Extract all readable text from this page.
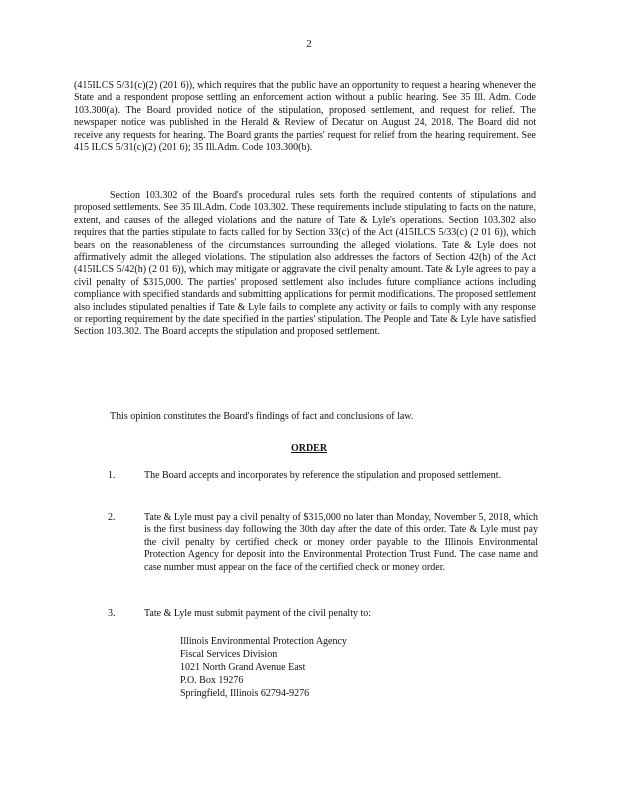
2

(415ILCS 5/31(c)(2) (201 6)), which requires that the public have an opportunity to request a hearing whenever the State and a respondent propose settling an enforcement action without a public hearing. See 35 Ill. Adm. Code 103.300(a). The Board provided notice of the stipulation, proposed settlement, and request for relief. The newspaper notice was published in the Herald & Review of Decatur on August 24, 2018. The Board did not receive any requests for hearing. The Board grants the parties' request for relief from the hearing requirement. See 415 ILCS 5/31(c)(2) (201 6); 35 Ill.Adm. Code 103.300(b).

Section 103.302 of the Board's procedural rules sets forth the required contents of stipulations and proposed settlements. See 35 Ill.Adm. Code 103.302. These requirements include stipulating to facts on the nature, extent, and causes of the alleged violations and the nature of Tate & Lyle's operations. Section 103.302 also requires that the parties stipulate to facts called for by Section 33(c) of the Act (415ILCS 5/33(c) (2 01 6)), which bears on the reasonableness of the circumstances surrounding the alleged violations. Tate & Lyle does not affirmatively admit the alleged violations. The stipulation also addresses the factors of Section 42(h) of the Act (415ILCS 5/42(h) (2 01 6)), which may mitigate or aggravate the civil penalty amount. Tate & Lyle agrees to pay a civil penalty of $315,000. The parties' proposed settlement also includes future compliance actions including compliance with specified standards and submitting applications for permit modifications. The proposed settlement also includes stipulated penalties if Tate & Lyle fails to complete any activity or fails to comply with any response or reporting requirement by the date specified in the parties' stipulation. The People and Tate & Lyle have satisfied Section 103.302. The Board accepts the stipulation and proposed settlement.

This opinion constitutes the Board's findings of fact and conclusions of law.

ORDER
1.	The Board accepts and incorporates by reference the stipulation and proposed settlement.
2.	Tate & Lyle must pay a civil penalty of $315,000 no later than Monday, November 5, 2018, which is the first business day following the 30th day after the date of this order. Tate & Lyle must pay the civil penalty by certified check or money order payable to the Illinois Environmental Protection Agency for deposit into the Environmental Protection Trust Fund. The case name and case number must appear on the face of the certified check or money order.
3.	Tate & Lyle must submit payment of the civil penalty to:
Illinois Environmental Protection Agency
Fiscal Services Division
1021 North Grand Avenue East
P.O. Box 19276
Springfield, Illinois 62794-9276
